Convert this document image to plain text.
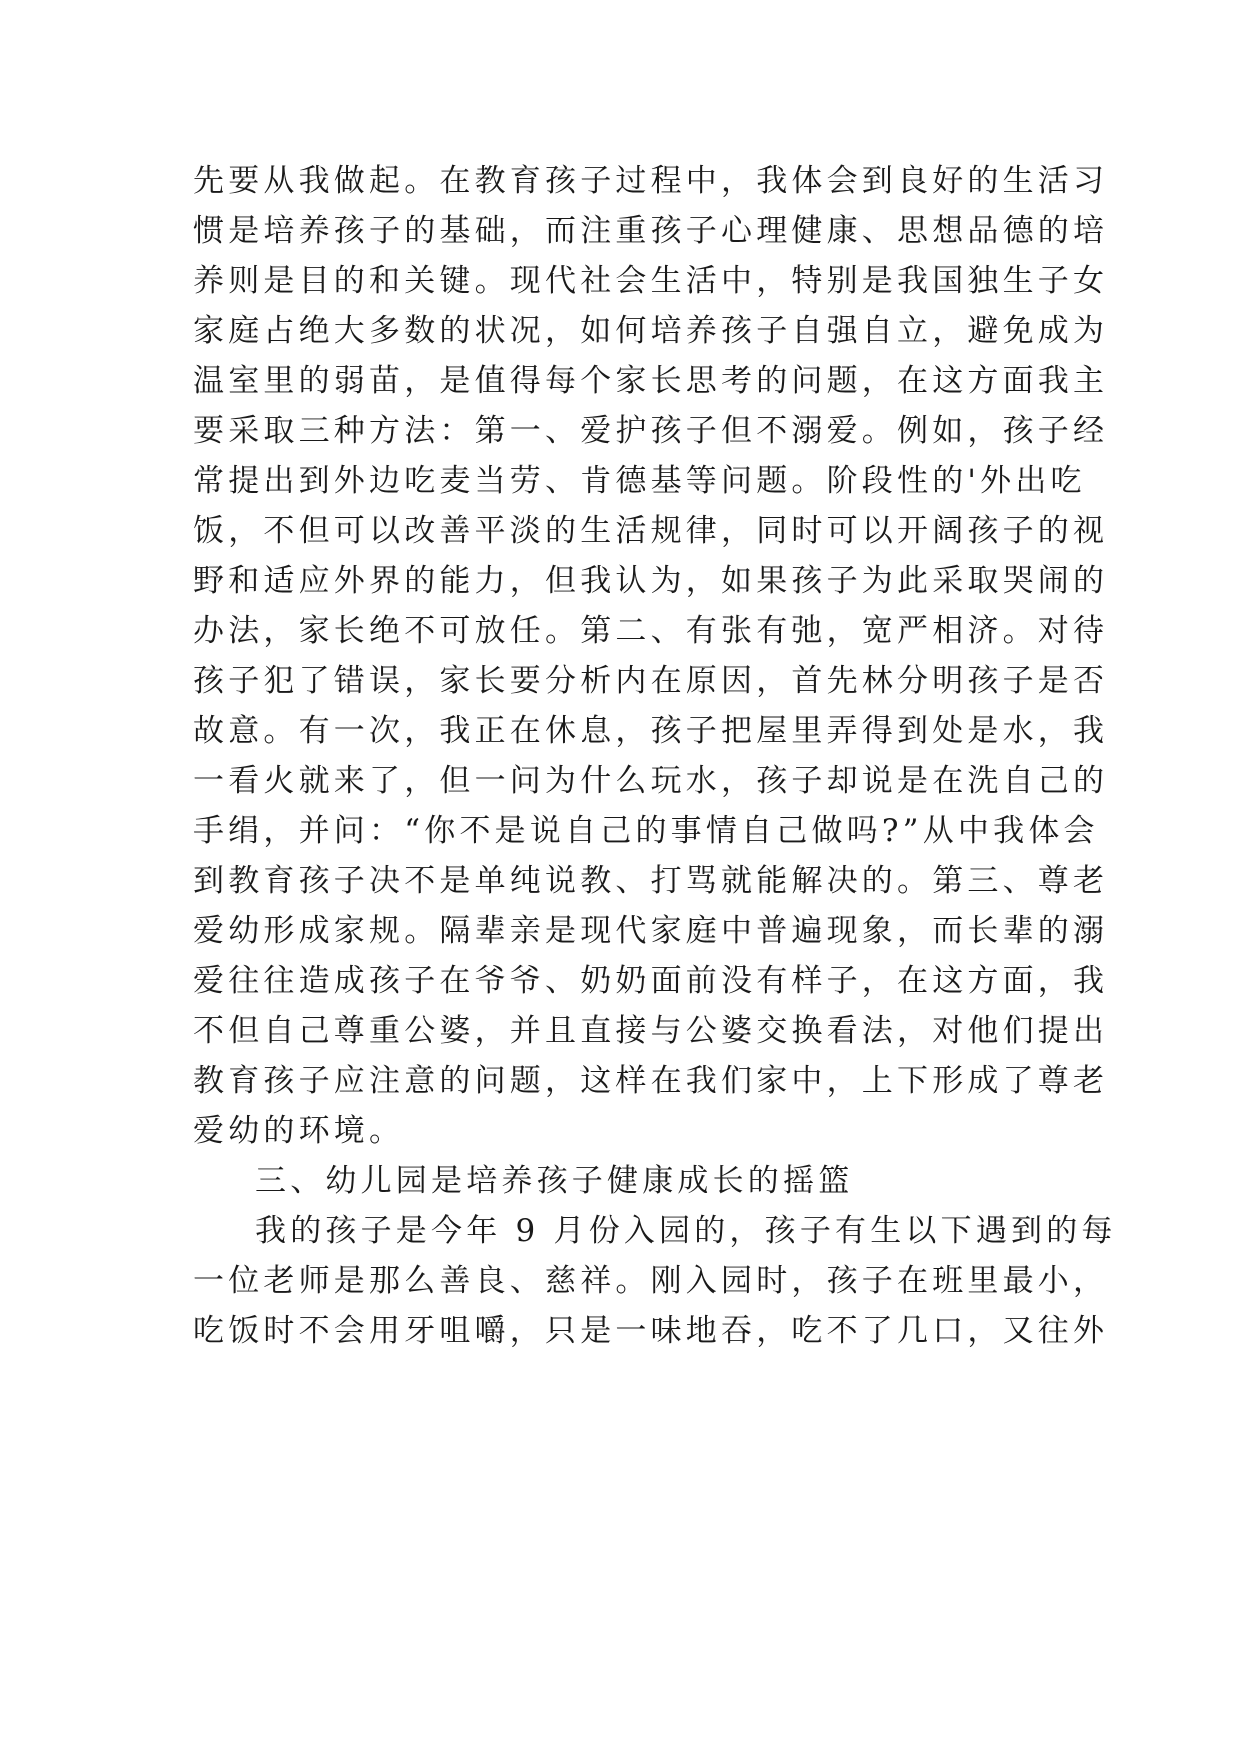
先要从我做起。在教育孩子过程中，我体会到良好的生活习
惯是培养孩子的基础，而注重孩子心理健康、思想品德的培
养则是目的和关键。现代社会生活中，特别是我国独生子女
家庭占绝大多数的状况，如何培养孩子自强自立，避免成为
温室里的弱苗，是值得每个家长思考的问题，在这方面我主
要采取三种方法：第一、爱护孩子但不溺爱。例如，孩子经
常提出到外边吃麦当劳、肯德基等问题。阶段性的'外出吃
饭，不但可以改善平淡的生活规律，同时可以开阔孩子的视
野和适应外界的能力，但我认为，如果孩子为此采取哭闹的
办法，家长绝不可放任。第二、有张有弛，宽严相济。对待
孩子犯了错误，家长要分析内在原因，首先林分明孩子是否
故意。有一次，我正在休息，孩子把屋里弄得到处是水，我
一看火就来了，但一问为什么玩水，孩子却说是在洗自己的
手绢，并问：“你不是说自己的事情自己做吗?”从中我体会
到教育孩子决不是单纯说教、打骂就能解决的。第三、尊老
爱幼形成家规。隔辈亲是现代家庭中普遍现象，而长辈的溺
爱往往造成孩子在爷爷、奶奶面前没有样子，在这方面，我
不但自己尊重公婆，并且直接与公婆交换看法，对他们提出
教育孩子应注意的问题，这样在我们家中，上下形成了尊老
爱幼的环境。
三、幼儿园是培养孩子健康成长的摇篮
我的孩子是今年 9 月份入园的，孩子有生以下遇到的每
一位老师是那么善良、慈祥。刚入园时，孩子在班里最小，
吃饭时不会用牙咀嚼，只是一味地吞，吃不了几口，又往外
